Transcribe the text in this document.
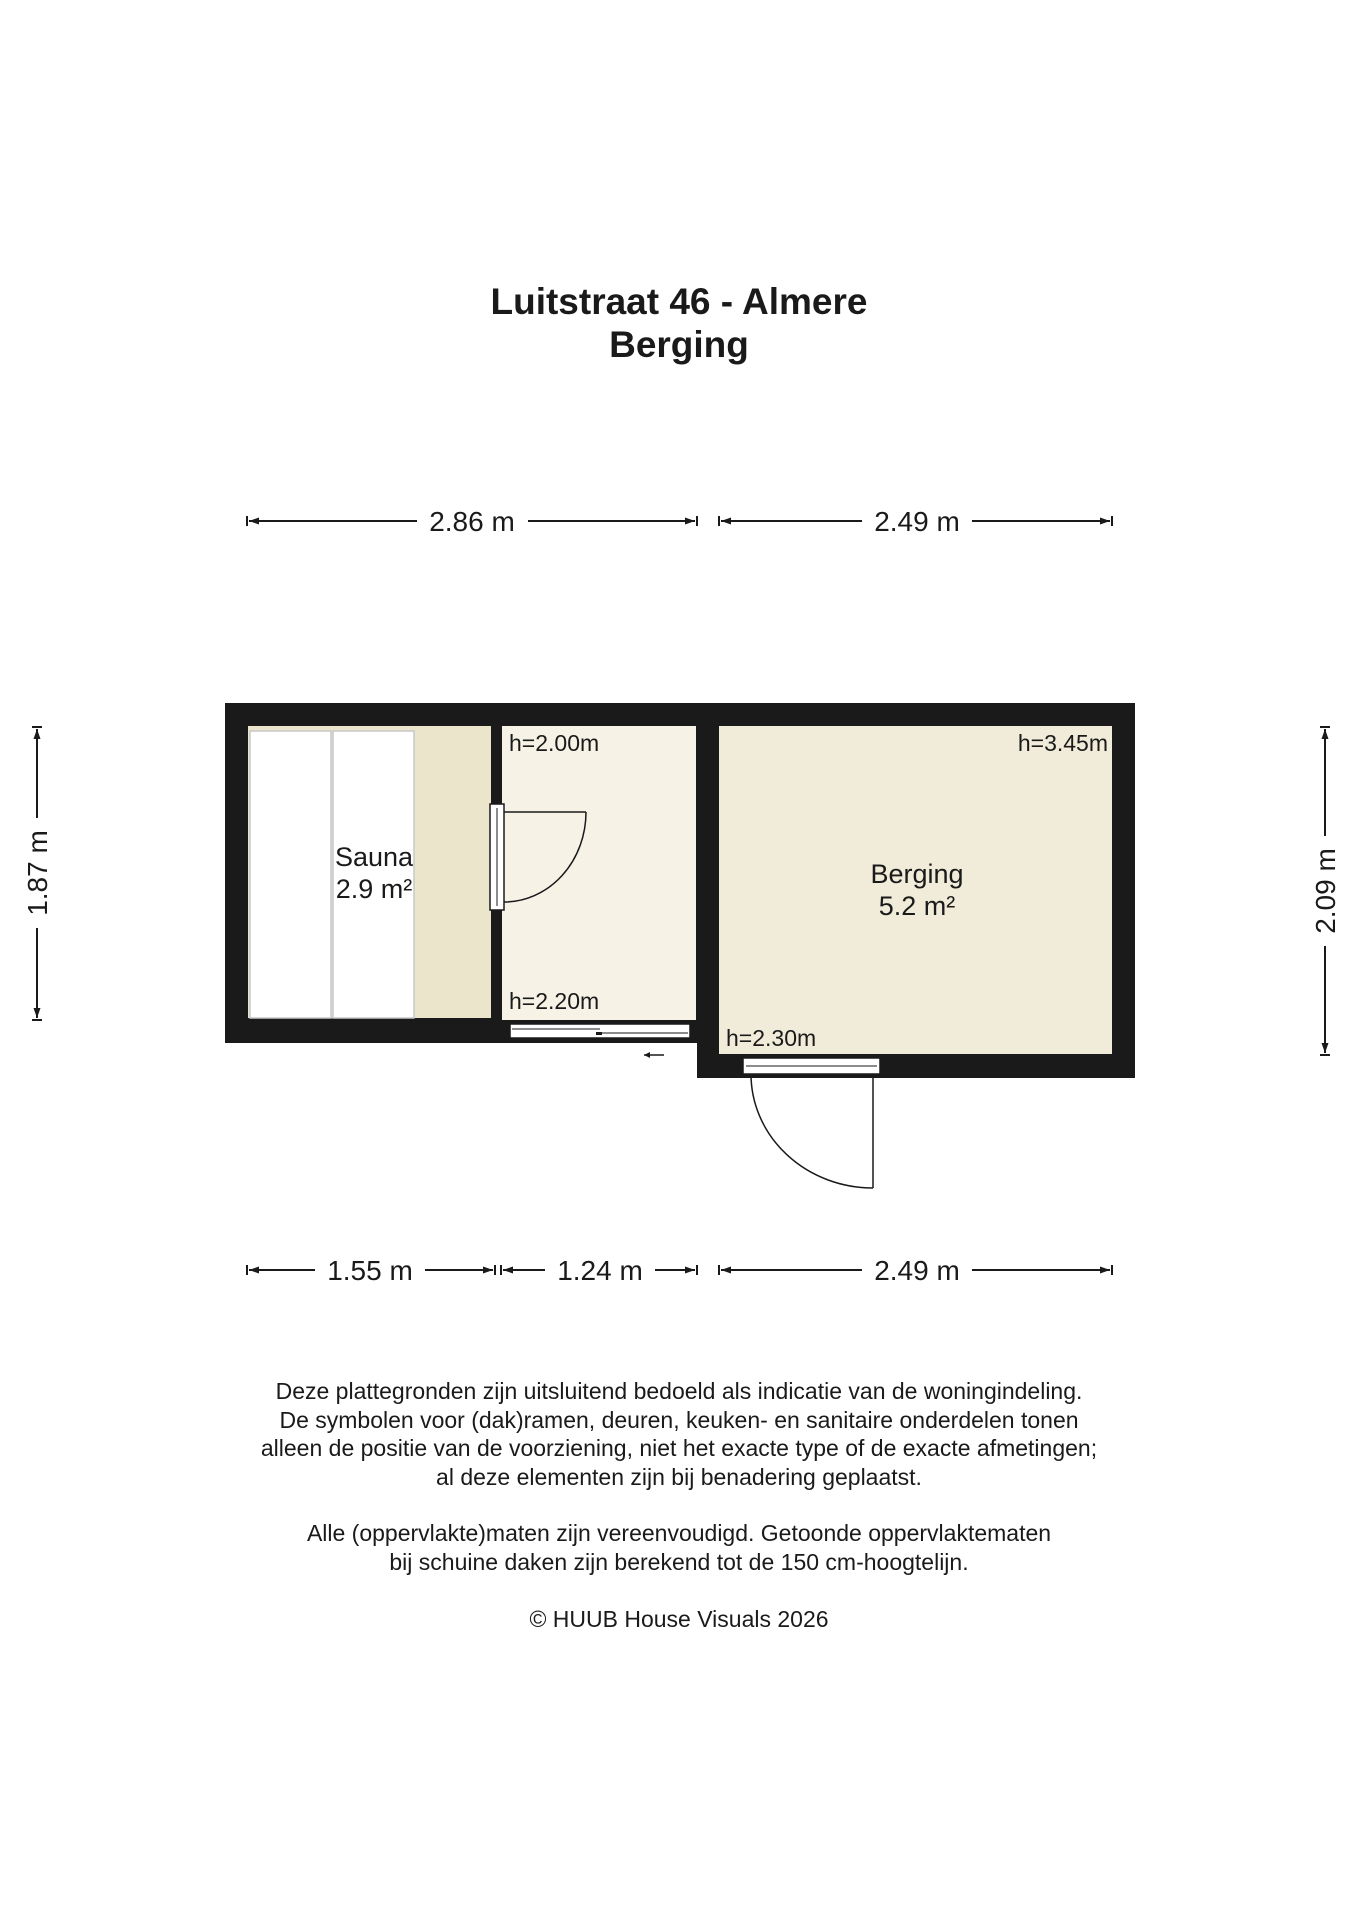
Luitstraat 46 - Almere
Berging
2.86 m	2.49 m
1.55 m	1.24 m	2.49 m
1.87 m	2.09 m
Sauna
2.9 m²	Berging
5.2 m²
h=2.00m
h=2.20m
h=3.45m
h=2.30m

Deze plattegronden zijn uitsluitend bedoeld als indicatie van de woningindeling.
De symbolen voor (dak)ramen, deuren, keuken- en sanitaire onderdelen tonen
alleen de positie van de voorziening, niet het exacte type of de exacte afmetingen;
al deze elementen zijn bij benadering geplaatst.

Alle (oppervlakte)maten zijn vereenvoudigd. Getoonde oppervlaktematen
bij schuine daken zijn berekend tot de 150 cm-hoogtelijn.

© HUUB House Visuals 2026
